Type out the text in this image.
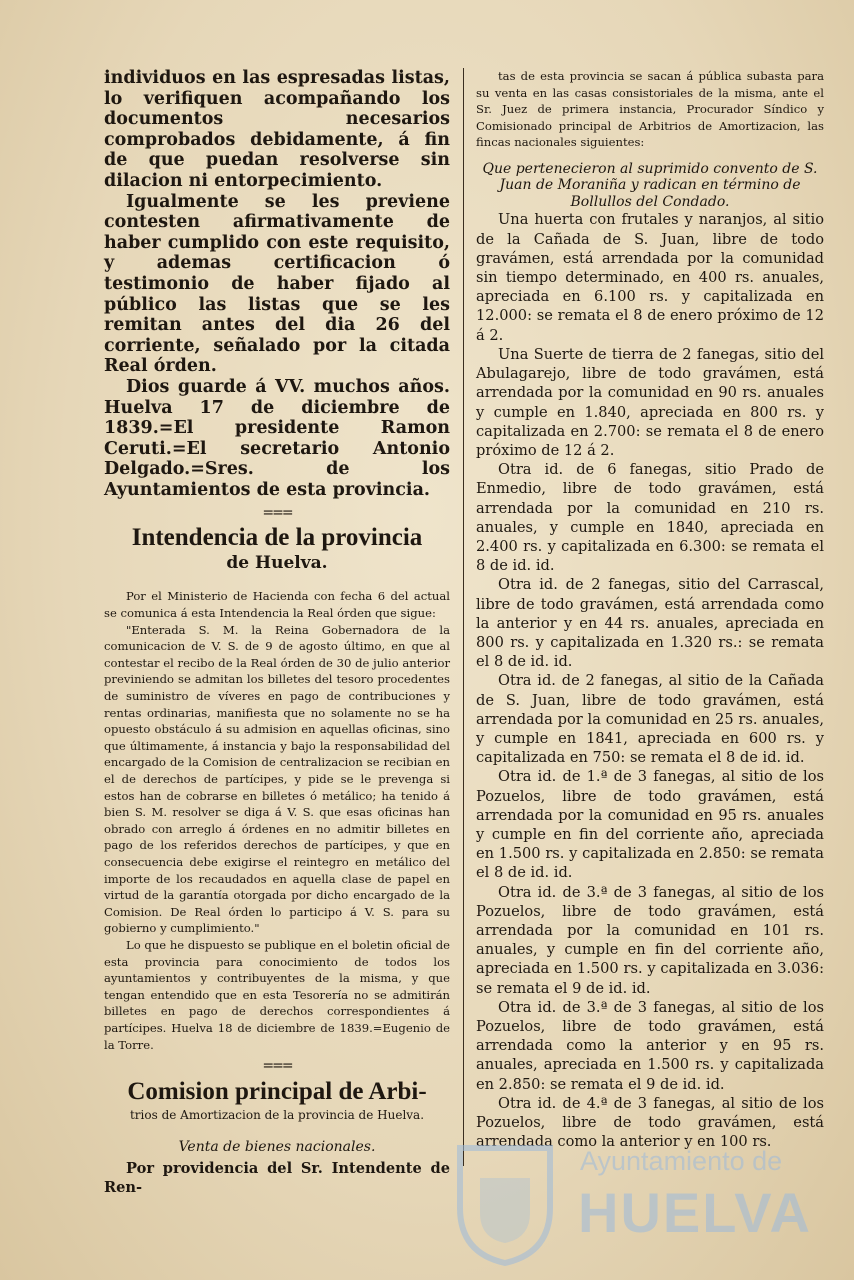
individuos en las espresadas listas, lo verifiquen acompañando los documentos necesarios comprobados debidamente, á fin de que puedan resolverse sin dilacion ni entorpecimiento.

Igualmente se les previene contesten afirmativamente de haber cumplido con este requisito, y ademas certificacion ó testimonio de haber fijado al público las listas que se les remitan antes del dia 26 del corriente, señalado por la citada Real órden.

Dios guarde á VV. muchos años. Huelva 17 de diciembre de 1839.=El presidente Ramon Ceruti.=El secretario Antonio Delgado.=Sres. de los Ayuntamientos de esta provincia.

===
Intendencia de la provincia
de Huelva.

Por el Ministerio de Hacienda con fecha 6 del actual se comunica á esta Intendencia la Real órden que sigue:

"Enterada S. M. la Reina Gobernadora de la comunicacion de V. S. de 9 de agosto último, en que al contestar el recibo de la Real órden de 30 de julio anterior previniendo se admitan los billetes del tesoro procedentes de suministro de víveres en pago de contribuciones y rentas ordinarias, manifiesta que no solamente no se ha opuesto obstáculo á su admision en aquellas oficinas, sino que últimamente, á instancia y bajo la responsabilidad del encargado de la Comision de centralizacion se recibian en el de derechos de partícipes, y pide se le prevenga si estos han de cobrarse en billetes ó metálico; ha tenido á bien S. M. resolver se diga á V. S. que esas oficinas han obrado con arreglo á órdenes en no admitir billetes en pago de los referidos derechos de partícipes, y que en consecuencia debe exigirse el reintegro en metálico del importe de los recaudados en aquella clase de papel en virtud de la garantía otorgada por dicho encargado de la Comision. De Real órden lo participo á V. S. para su gobierno y cumplimiento."

Lo que he dispuesto se publique en el boletin oficial de esta provincia para conocimiento de todos los ayuntamientos y contribuyentes de la misma, y que tengan entendido que en esta Tesorería no se admitirán billetes en pago de derechos correspondientes á partícipes. Huelva 18 de diciembre de 1839.=Eugenio de la Torre.

===
Comision principal de Arbi-
trios de Amortizacion de la provincia de Huelva.
Venta de bienes nacionales.

Por providencia del Sr. Intendente de Ren-

tas de esta provincia se sacan á pública subasta para su venta en las casas consistoriales de la misma, ante el Sr. Juez de primera instancia, Procurador Síndico y Comisionado principal de Arbitrios de Amortizacion, las fincas nacionales siguientes:

Que pertenecieron al suprimido convento de S. Juan de Moraniña y radican en término de Bollullos del Condado.

Una huerta con frutales y naranjos, al sitio de la Cañada de S. Juan, libre de todo gravámen, está arrendada por la comunidad sin tiempo determinado, en 400 rs. anuales, apreciada en 6.100 rs. y capitalizada en 12.000: se remata el 8 de enero próximo de 12 á 2.

Una Suerte de tierra de 2 fanegas, sitio del Abulagarejo, libre de todo gravámen, está arrendada por la comunidad en 90 rs. anuales y cumple en 1.840, apreciada en 800 rs. y capitalizada en 2.700: se remata el 8 de enero próximo de 12 á 2.

Otra id. de 6 fanegas, sitio Prado de Enmedio, libre de todo gravámen, está arrendada por la comunidad en 210 rs. anuales, y cumple en 1840, apreciada en 2.400 rs. y capitalizada en 6.300: se remata el 8 de id. id.

Otra id. de 2 fanegas, sitio del Carrascal, libre de todo gravámen, está arrendada como la anterior y en 44 rs. anuales, apreciada en 800 rs. y capitalizada en 1.320 rs.: se remata el 8 de id. id.

Otra id. de 2 fanegas, al sitio de la Cañada de S. Juan, libre de todo gravámen, está arrendada por la comunidad en 25 rs. anuales, y cumple en 1841, apreciada en 600 rs. y capitalizada en 750: se remata el 8 de id. id.

Otra id. de 1.ª de 3 fanegas, al sitio de los Pozuelos, libre de todo gravámen, está arrendada por la comunidad en 95 rs. anuales y cumple en fin del corriente año, apreciada en 1.500 rs. y capitalizada en 2.850: se remata el 8 de id. id.

Otra id. de 3.ª de 3 fanegas, al sitio de los Pozuelos, libre de todo gravámen, está arrendada por la comunidad en 101 rs. anuales, y cumple en fin del corriente año, apreciada en 1.500 rs. y capitalizada en 3.036: se remata el 9 de id. id.

Otra id. de 3.ª de 3 fanegas, al sitio de los Pozuelos, libre de todo gravámen, está arrendada como la anterior y en 95 rs. anuales, apreciada en 1.500 rs. y capitalizada en 2.850: se remata el 9 de id. id.

Otra id. de 4.ª de 3 fanegas, al sitio de los Pozuelos, libre de todo gravámen, está arrendada como la anterior y en 100 rs.

Ayuntamiento de
HUELVA
